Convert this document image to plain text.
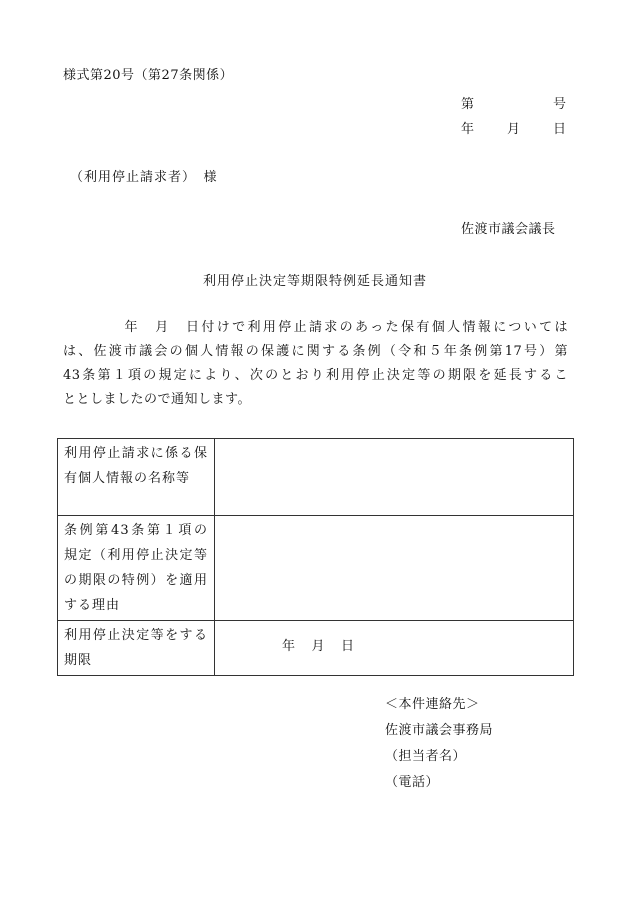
様式第20号（第27条関係）
第	号
年	月	日
（利用停止請求者）　様
佐渡市議会議長
利用停止決定等期限特例延長通知書
　　　　年　月　日付けで利用停止請求のあった保有個人情報については
は、佐渡市議会の個人情報の保護に関する条例（令和５年条例第17号）第
43条第１項の規定により、次のとおり利用停止決定等の期限を延長するこ
ととしましたので通知します。
利用停止請求に係る保有個人情報の名称等	
条例第43条第１項の規定（利用停止決定等の期限の特例）を適用する理由	
利用停止決定等をする期限	年 月 日
＜本件連絡先＞
佐渡市議会事務局
（担当者名）
（電話）
